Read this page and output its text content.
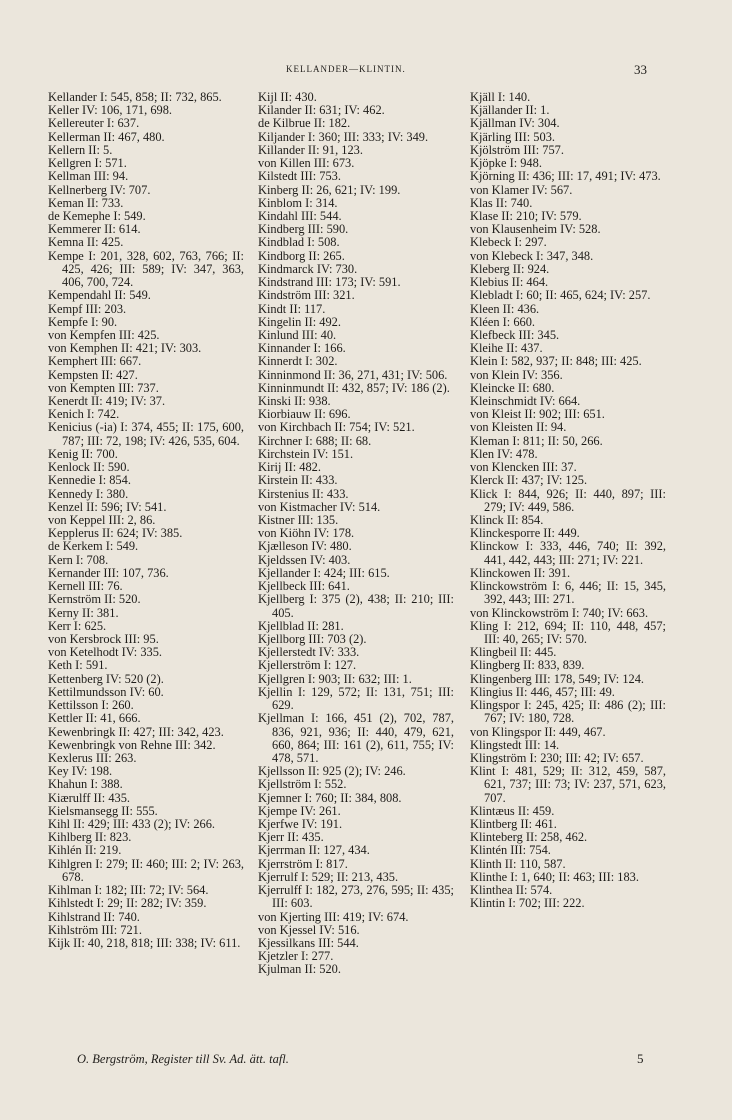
KELLANDER—KLINTIN.	33
Kellander I: 545, 858; II: 732, 865.
Keller IV: 106, 171, 698.
Kellereuter I: 637.
Kellerman II: 467, 480.
Kellern II: 5.
Kellgren I: 571.
Kellman III: 94.
Kellnerberg IV: 707.
Keman II: 733.
de Kemephe I: 549.
Kemmerer II: 614.
Kemna II: 425.
Kempe I: 201, 328, 602, 763, 766; II: 425, 426; III: 589; IV: 347, 363, 406, 700, 724.
Kempendahl II: 549.
Kempf III: 203.
Kempfe I: 90.
von Kempfen III: 425.
von Kemphen II: 421; IV: 303.
Kemphert III: 667.
Kempsten II: 427.
von Kempten III: 737.
Kenerdt II: 419; IV: 37.
Kenich I: 742.
Kenicius (-ia) I: 374, 455; II: 175, 600, 787; III: 72, 198; IV: 426, 535, 604.
Kenig II: 700.
Kenlock II: 590.
Kennedie I: 854.
Kennedy I: 380.
Kenzel II: 596; IV: 541.
von Keppel III: 2, 86.
Kepplerus II: 624; IV: 385.
de Kerkem I: 549.
Kern I: 708.
Kernander III: 107, 736.
Kernell III: 76.
Kernström II: 520.
Kerny II: 381.
Kerr I: 625.
von Kersbrock III: 95.
von Ketelhodt IV: 335.
Keth I: 591.
Kettenberg IV: 520 (2).
Kettilmundsson IV: 60.
Kettilsson I: 260.
Kettler II: 41, 666.
Kewenbringk II: 427; III: 342, 423.
Kewenbringk von Rehne III: 342.
Kexlerus III: 263.
Key IV: 198.
Khahun I: 388.
Kiærulff II: 435.
Kielsmansegg II: 555.
Kihl II: 429; III: 433 (2); IV: 266.
Kihlberg II: 823.
Kihlén II: 219.
Kihlgren I: 279; II: 460; III: 2; IV: 263, 678.
Kihlman I: 182; III: 72; IV: 564.
Kihlstedt I: 29; II: 282; IV: 359.
Kihlstrand II: 740.
Kihlström III: 721.
Kijk II: 40, 218, 818; III: 338; IV: 611.
Kijl II: 430.
Kilander II: 631; IV: 462.
de Kilbrue II: 182.
Kiljander I: 360; III: 333; IV: 349.
Killander II: 91, 123.
von Killen III: 673.
Kilstedt III: 753.
Kinberg II: 26, 621; IV: 199.
Kinblom I: 314.
Kindahl III: 544.
Kindberg III: 590.
Kindblad I: 508.
Kindborg II: 265.
Kindmarck IV: 730.
Kindstrand III: 173; IV: 591.
Kindström III: 321.
Kindt II: 117.
Kingelin II: 492.
Kinlund III: 40.
Kinnander I: 166.
Kinnerdt I: 302.
Kinninmond II: 36, 271, 431; IV: 506.
Kinninmundt II: 432, 857; IV: 186 (2).
Kinski II: 938.
Kiorbiauw II: 696.
von Kirchbach II: 754; IV: 521.
Kirchner I: 688; II: 68.
Kirchstein IV: 151.
Kirij II: 482.
Kirstein II: 433.
Kirstenius II: 433.
von Kistmacher IV: 514.
Kistner III: 135.
von Kiöhn IV: 178.
Kjælleson IV: 480.
Kjeldssen IV: 403.
Kjellander I: 424; III: 615.
Kjellbeck III: 641.
Kjellberg I: 375 (2), 438; II: 210; III: 405.
Kjellblad II: 281.
Kjellborg III: 703 (2).
Kjellerstedt IV: 333.
Kjellerström I: 127.
Kjellgren I: 903; II: 632; III: 1.
Kjellin I: 129, 572; II: 131, 751; III: 629.
Kjellman I: 166, 451 (2), 702, 787, 836, 921, 936; II: 440, 479, 621, 660, 864; III: 161 (2), 611, 755; IV: 478, 571.
Kjellsson II: 925 (2); IV: 246.
Kjellström I: 552.
Kjemner I: 760; II: 384, 808.
Kjempe IV: 261.
Kjerfwe IV: 191.
Kjerr II: 435.
Kjerrman II: 127, 434.
Kjerrström I: 817.
Kjerrulf I: 529; II: 213, 435.
Kjerrulff I: 182, 273, 276, 595; II: 435; III: 603.
von Kjerting III: 419; IV: 674.
von Kjessel IV: 516.
Kjessilkans III: 544.
Kjetzler I: 277.
Kjulman II: 520.
Kjäll I: 140.
Kjällander II: 1.
Kjällman IV: 304.
Kjärling III: 503.
Kjölström III: 757.
Kjöpke I: 948.
Kjörning II: 436; III: 17, 491; IV: 473.
von Klamer IV: 567.
Klas II: 740.
Klase II: 210; IV: 579.
von Klausenheim IV: 528.
Klebeck I: 297.
von Klebeck I: 347, 348.
Kleberg II: 924.
Klebius II: 464.
Klebladt I: 60; II: 465, 624; IV: 257.
Kleen II: 436.
Kléen I: 660.
Klefbeck III: 345.
Kleihe II: 437.
Klein I: 582, 937; II: 848; III: 425.
von Klein IV: 356.
Kleincke II: 680.
Kleinschmidt IV: 664.
von Kleist II: 902; III: 651.
von Kleisten II: 94.
Kleman I: 811; II: 50, 266.
Klen IV: 478.
von Klencken III: 37.
Klerck II: 437; IV: 125.
Klick I: 844, 926; II: 440, 897; III: 279; IV: 449, 586.
Klinck II: 854.
Klinckesporre II: 449.
Klinckow I: 333, 446, 740; II: 392, 441, 442, 443; III: 271; IV: 221.
Klinckowen II: 391.
Klinckowström I: 6, 446; II: 15, 345, 392, 443; III: 271.
von Klinckowström I: 740; IV: 663.
Kling I: 212, 694; II: 110, 448, 457; III: 40, 265; IV: 570.
Klingbeil II: 445.
Klingberg II: 833, 839.
Klingenberg III: 178, 549; IV: 124.
Klingius II: 446, 457; III: 49.
Klingspor I: 245, 425; II: 486 (2); III: 767; IV: 180, 728.
von Klingspor II: 449, 467.
Klingstedt III: 14.
Klingström I: 230; III: 42; IV: 657.
Klint I: 481, 529; II: 312, 459, 587, 621, 737; III: 73; IV: 237, 571, 623, 707.
Klintæus II: 459.
Klintberg II: 461.
Klinteberg II: 258, 462.
Klintén III: 754.
Klinth II: 110, 587.
Klinthe I: 1, 640; II: 463; III: 183.
Klinthea II: 574.
Klintin I: 702; III: 222.
O. Bergström, Register till Sv. Ad. ätt. tafl.	5
